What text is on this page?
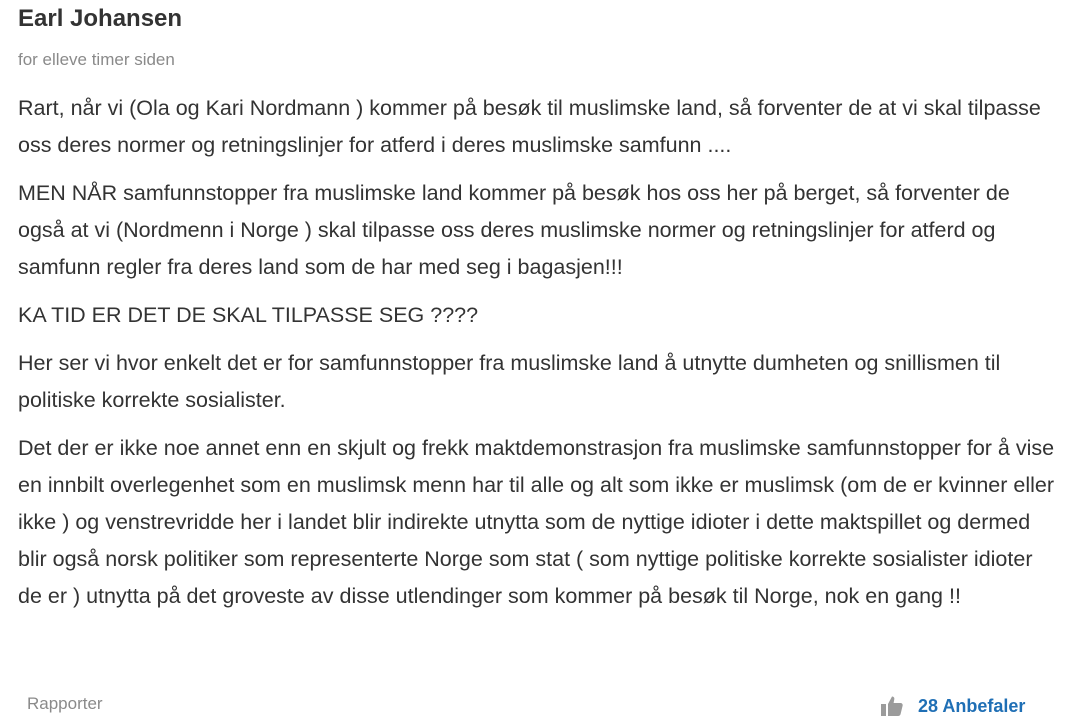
Earl Johansen
for elleve timer siden

Rart, når vi (Ola og Kari Nordmann ) kommer på besøk til muslimske land, så forventer de at vi skal tilpasse oss deres normer og retningslinjer for atferd i deres muslimske samfunn ....

MEN NÅR samfunnstopper fra muslimske land kommer på besøk hos oss her på berget, så forventer de også at vi (Nordmenn i Norge ) skal tilpasse oss deres muslimske normer og retningslinjer for atferd og samfunn regler fra deres land som de har med seg i bagasjen!!!

KA TID ER DET DE SKAL TILPASSE SEG ????

Her ser vi hvor enkelt det er for samfunnstopper fra muslimske land å utnytte dumheten og snillismen til politiske korrekte sosialister.

Det der er ikke noe annet enn en skjult og frekk maktdemonstrasjon fra muslimske samfunnstopper for å vise en innbilt overlegenhet som en muslimsk menn har til alle og alt som ikke er muslimsk (om de er kvinner eller ikke ) og venstrevridde her i landet blir indirekte utnytta som de nyttige idioter i dette maktspillet og dermed blir også norsk politiker som representerte Norge som stat ( som nyttige politiske korrekte sosialister idioter de er ) utnytta på det groveste av disse utlendinger som kommer på besøk til Norge, nok en gang !!

Rapporter	28 Anbefaler
